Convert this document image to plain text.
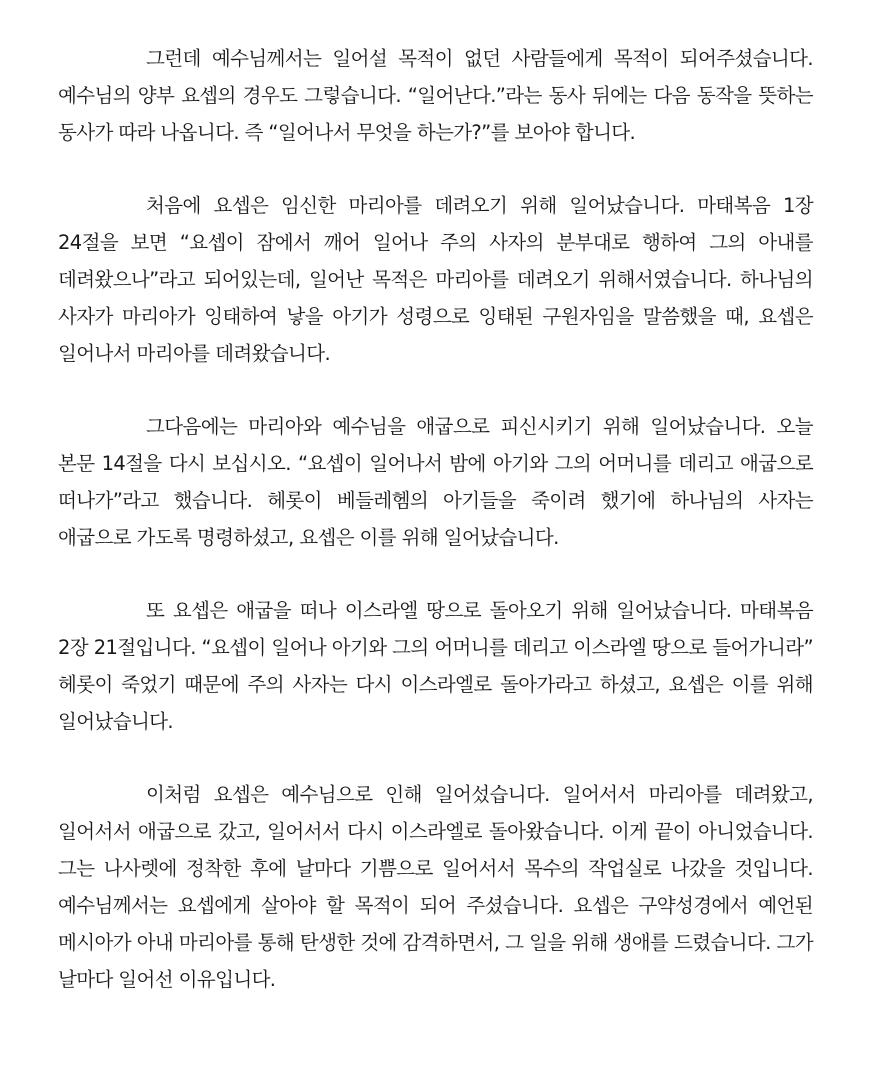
그런데 예수님께서는 일어설 목적이 없던 사람들에게 목적이 되어주셨습니다. 예수님의 양부 요셉의 경우도 그렇습니다. “일어난다.”라는 동사 뒤에는 다음 동작을 뜻하는 동사가 따라 나옵니다. 즉 “일어나서 무엇을 하는가?”를 보아야 합니다.

처음에 요셉은 임신한 마리아를 데려오기 위해 일어났습니다. 마태복음 1장 24절을 보면 “요셉이 잠에서 깨어 일어나 주의 사자의 분부대로 행하여 그의 아내를 데려왔으나”라고 되어있는데, 일어난 목적은 마리아를 데려오기 위해서였습니다. 하나님의 사자가 마리아가 잉태하여 낳을 아기가 성령으로 잉태된 구원자임을 말씀했을 때, 요셉은 일어나서 마리아를 데려왔습니다.

그다음에는 마리아와 예수님을 애굽으로 피신시키기 위해 일어났습니다. 오늘 본문 14절을 다시 보십시오. “요셉이 일어나서 밤에 아기와 그의 어머니를 데리고 애굽으로 떠나가”라고 했습니다. 헤롯이 베들레헴의 아기들을 죽이려 했기에 하나님의 사자는 애굽으로 가도록 명령하셨고, 요셉은 이를 위해 일어났습니다.

또 요셉은 애굽을 떠나 이스라엘 땅으로 돌아오기 위해 일어났습니다. 마태복음 2장 21절입니다. “요셉이 일어나 아기와 그의 어머니를 데리고 이스라엘 땅으로 들어가니라” 헤롯이 죽었기 때문에 주의 사자는 다시 이스라엘로 돌아가라고 하셨고, 요셉은 이를 위해 일어났습니다.

이처럼 요셉은 예수님으로 인해 일어섰습니다. 일어서서 마리아를 데려왔고, 일어서서 애굽으로 갔고, 일어서서 다시 이스라엘로 돌아왔습니다. 이게 끝이 아니었습니다. 그는 나사렛에 정착한 후에 날마다 기쁨으로 일어서서 목수의 작업실로 나갔을 것입니다. 예수님께서는 요셉에게 살아야 할 목적이 되어 주셨습니다. 요셉은 구약성경에서 예언된 메시아가 아내 마리아를 통해 탄생한 것에 감격하면서, 그 일을 위해 생애를 드렸습니다. 그가 날마다 일어선 이유입니다.
